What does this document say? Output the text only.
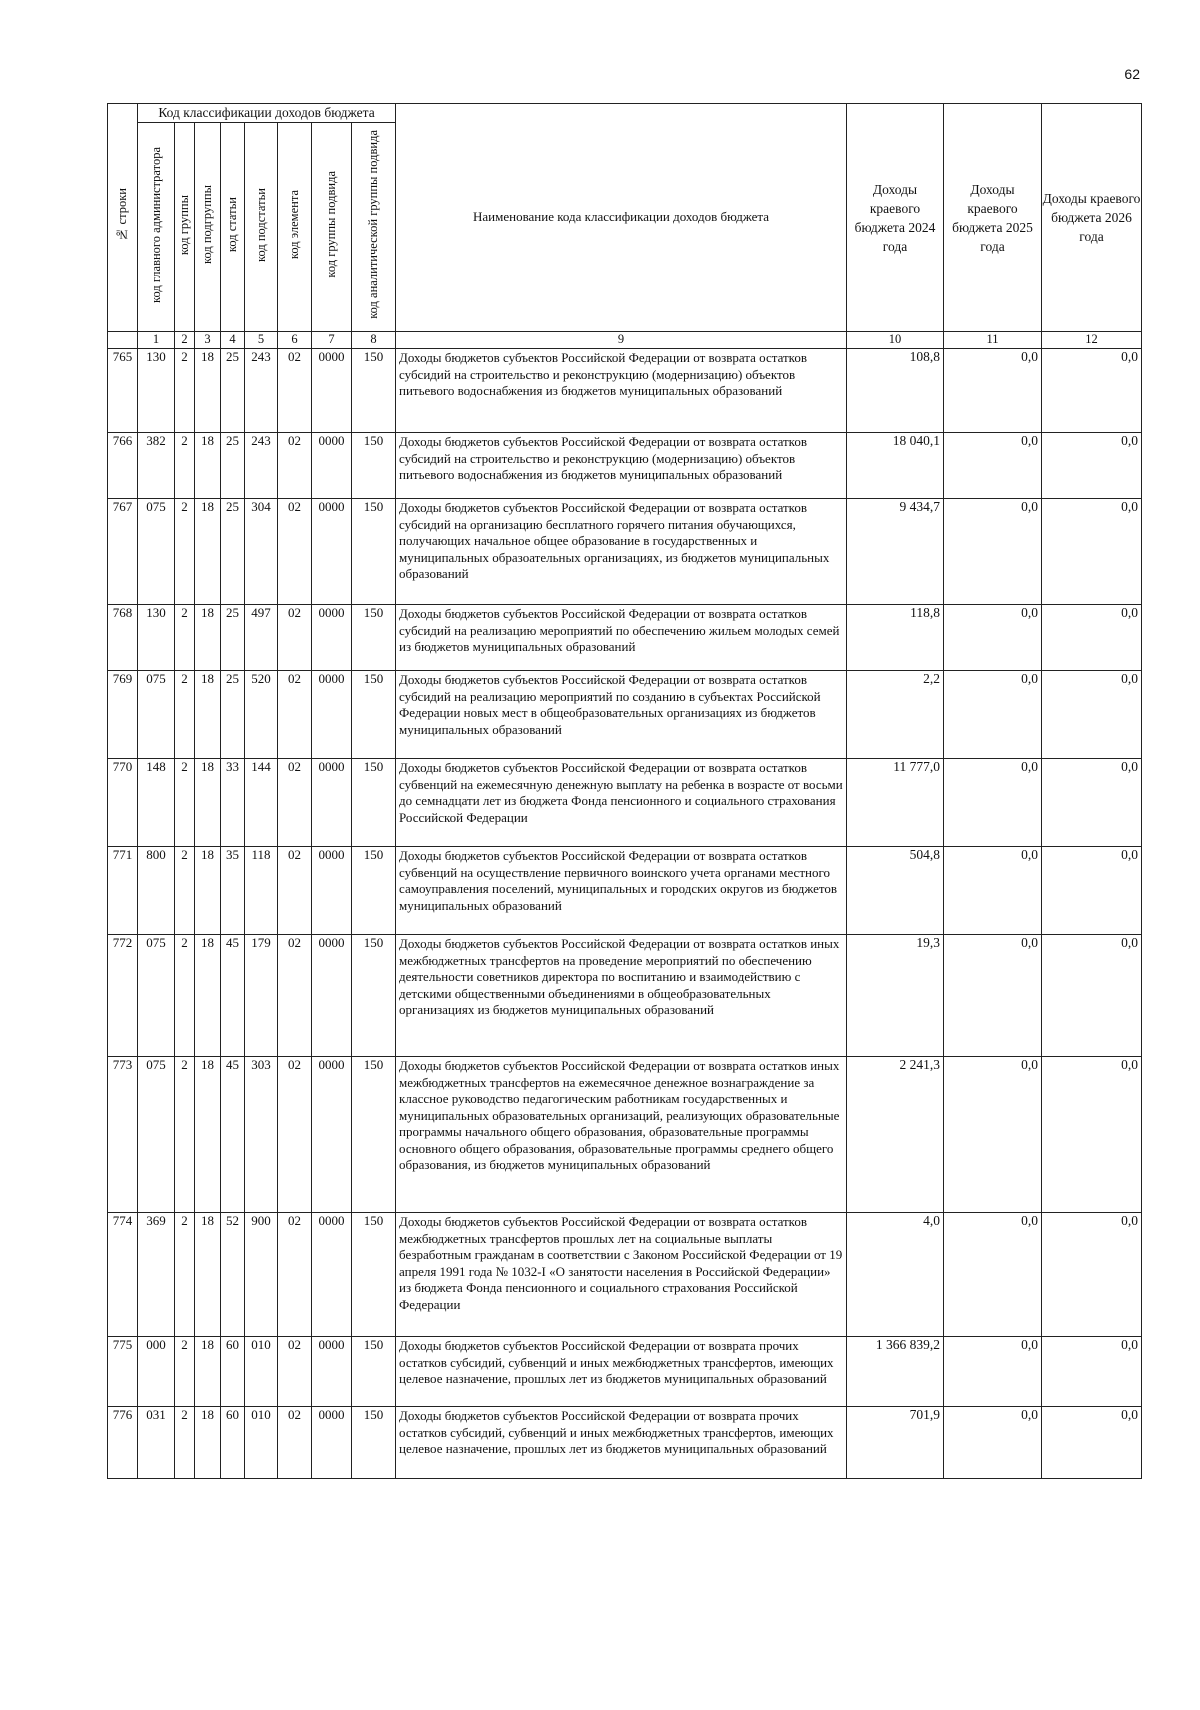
62
№ строки	Код классификации доходов бюджета								Наименование кода классификации доходов бюджета	Доходы краевого бюджета 2024 года	Доходы краевого бюджета 2025 года	Доходы краевого бюджета 2026 года
	код главного администратора	код группы	код подгруппы	код статьи	код подстатьи	код элемента	код группы подвида	код аналитической группы подвида				
	1	2	3	4	5	6	7	8	9	10	11	12
765	130	2	18	25	243	02	0000	150	Доходы бюджетов субъектов Российской Федерации от возврата остатков субсидий на строительство и реконструкцию (модернизацию) объектов питьевого водоснабжения из бюджетов муниципальных образований	108,8	0,0	0,0
766	382	2	18	25	243	02	0000	150	Доходы бюджетов субъектов Российской Федерации от возврата остатков субсидий на строительство и реконструкцию (модернизацию) объектов питьевого водоснабжения из бюджетов муниципальных образований	18 040,1	0,0	0,0
767	075	2	18	25	304	02	0000	150	Доходы бюджетов субъектов Российской Федерации от возврата остатков субсидий на организацию бесплатного горячего питания обучающихся, получающих начальное общее образование в государственных и муниципальных образоательных организациях, из бюджетов муниципальных образований	9 434,7	0,0	0,0
768	130	2	18	25	497	02	0000	150	Доходы бюджетов субъектов Российской Федерации от возврата остатков субсидий на реализацию мероприятий по обеспечению жильем молодых семей из бюджетов муниципальных образований	118,8	0,0	0,0
769	075	2	18	25	520	02	0000	150	Доходы бюджетов субъектов Российской Федерации от возврата остатков субсидий на реализацию мероприятий по созданию в субъектах Российской Федерации новых мест в общеобразовательных организациях из бюджетов муниципальных образований	2,2	0,0	0,0
770	148	2	18	33	144	02	0000	150	Доходы бюджетов субъектов Российской Федерации от возврата остатков субвенций на ежемесячную денежную выплату на ребенка в возрасте от восьми до семнадцати лет из бюджета Фонда пенсионного и социального страхования Российской Федерации	11 777,0	0,0	0,0
771	800	2	18	35	118	02	0000	150	Доходы бюджетов субъектов Российской Федерации от возврата остатков субвенций на осуществление первичного воинского учета органами местного самоуправления поселений, муниципальных и городских округов из бюджетов муниципальных образований	504,8	0,0	0,0
772	075	2	18	45	179	02	0000	150	Доходы бюджетов субъектов Российской Федерации от возврата остатков иных межбюджетных трансфертов на проведение мероприятий по обеспечению деятельности советников директора по воспитанию и взаимодействию с детскими общественными объединениями в общеобразовательных организациях из бюджетов муниципальных образований	19,3	0,0	0,0
773	075	2	18	45	303	02	0000	150	Доходы бюджетов субъектов Российской Федерации от возврата остатков иных межбюджетных трансфертов на ежемесячное денежное вознаграждение за классное руководство педагогическим работникам государственных и муниципальных образовательных организаций, реализующих образовательные программы начального общего образования, образовательные программы основного общего образования, образовательные программы среднего общего образования, из бюджетов муниципальных образований	2 241,3	0,0	0,0
774	369	2	18	52	900	02	0000	150	Доходы бюджетов субъектов Российской Федерации от возврата остатков межбюджетных трансфертов прошлых лет на социальные выплаты безработным гражданам в соответствии с Законом Российской Федерации от 19 апреля 1991 года № 1032-I «О занятости населения в Российской Федерации» из бюджета Фонда пенсионного и социального страхования Российской Федерации	4,0	0,0	0,0
775	000	2	18	60	010	02	0000	150	Доходы бюджетов субъектов Российской Федерации от возврата прочих остатков субсидий, субвенций и иных межбюджетных трансфертов, имеющих целевое назначение, прошлых лет из бюджетов муниципальных образований	1 366 839,2	0,0	0,0
776	031	2	18	60	010	02	0000	150	Доходы бюджетов субъектов Российской Федерации от возврата прочих остатков субсидий, субвенций и иных межбюджетных трансфертов, имеющих целевое назначение, прошлых лет из бюджетов муниципальных образований	701,9	0,0	0,0
